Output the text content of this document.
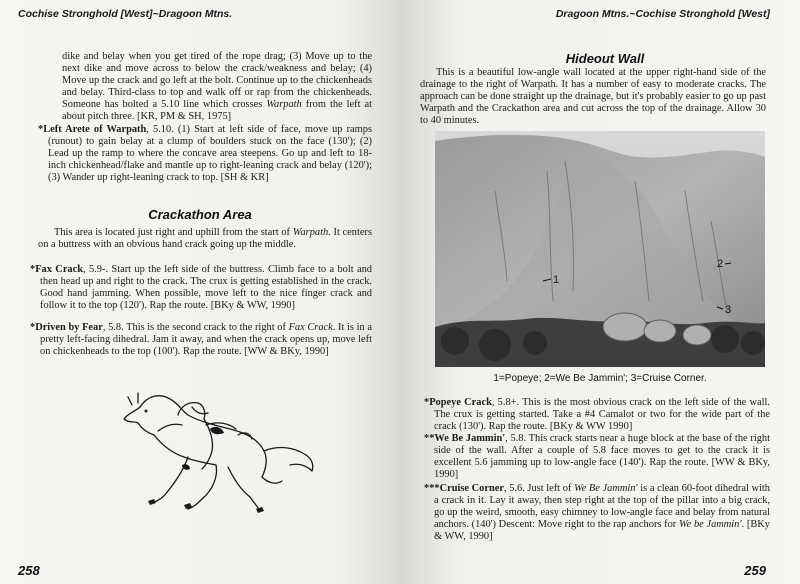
Cochise Stronghold [West]~Dragoon Mtns.

dike and belay when you get tired of the rope drag; (3) Move up to the next dike and move across to below the crack/weakness and belay; (4) Move up the crack and go left at the bolt. Continue up to the chickenheads and belay. Third-class to top and walk off or rap from the chickenheads. Someone has bolted a 5.10 line which crosses Warpath from the left at about pitch three. [KR, PM & SH, 1975]

*Left Arete of Warpath, 5.10. (1) Start at left side of face, move up ramps (runout) to gain belay at a clump of boulders stuck on the face (130'); (2) Lead up the ramp to where the concave area steepens. Go up and left to 18-inch chickenhead/flake and mantle up to right-leaning crack and belay (120'); (3) Wander up right-leaning crack to top. [SH & KR]

Crackathon Area

This area is located just right and uphill from the start of Warpath. It centers on a buttress with an obvious hand crack going up the middle.

*Fax Crack, 5.9-. Start up the left side of the buttress. Climb face to a bolt and then head up and right to the crack. The crux is getting established in the crack. Good hand jamming. When possible, move left to the nice finger crack and follow it to the top (120'). Rap the route. [BKy & WW, 1990]

*Driven by Fear, 5.8. This is the second crack to the right of Fax Crack. It is in a pretty left-facing dihedral. Jam it away, and when the crack opens up, move left on chickenheads to the top (100'). Rap the route. [WW & BKy, 1990]

258
Dragoon Mtns.~Cochise Stronghold [West]
Hideout Wall

This is a beautiful low-angle wall located at the upper right-hand side of the drainage to the right of Warpath. It has a number of easy to moderate cracks. The approach can be done straight up the drainage, but it's probably easier to go up past Warpath and the Crackathon area and cut across the top of the drainage. Allow 30 to 40 minutes.

*Popeye Crack, 5.8+. This is the most obvious crack on the left side of the wall. The crux is getting started. Take a #4 Camalot or two for the wide part of the crack (130'). Rap the route. [BKy & WW 1990]

**We Be Jammin', 5.8. This crack starts near a huge block at the base of the right side of the wall. After a couple of 5.8 face moves to get to the crack it is excellent 5.6 jamming up to low-angle face (140'). Rap the route. [WW & BKy, 1990]

***Cruise Corner, 5.6. Just left of We Be Jammin' is a clean 60-foot dihedral with a crack in it. Lay it away, then step right at the top of the pillar into a big crack, go up the weird, smooth, easy chimney to low-angle face and belay from natural anchors. (140') Descent: Move right to the rap anchors for We be Jammin'. [BKy & WW, 1990]

259
1
2
3
1=Popeye; 2=We Be Jammin'; 3=Cruise Corner.
